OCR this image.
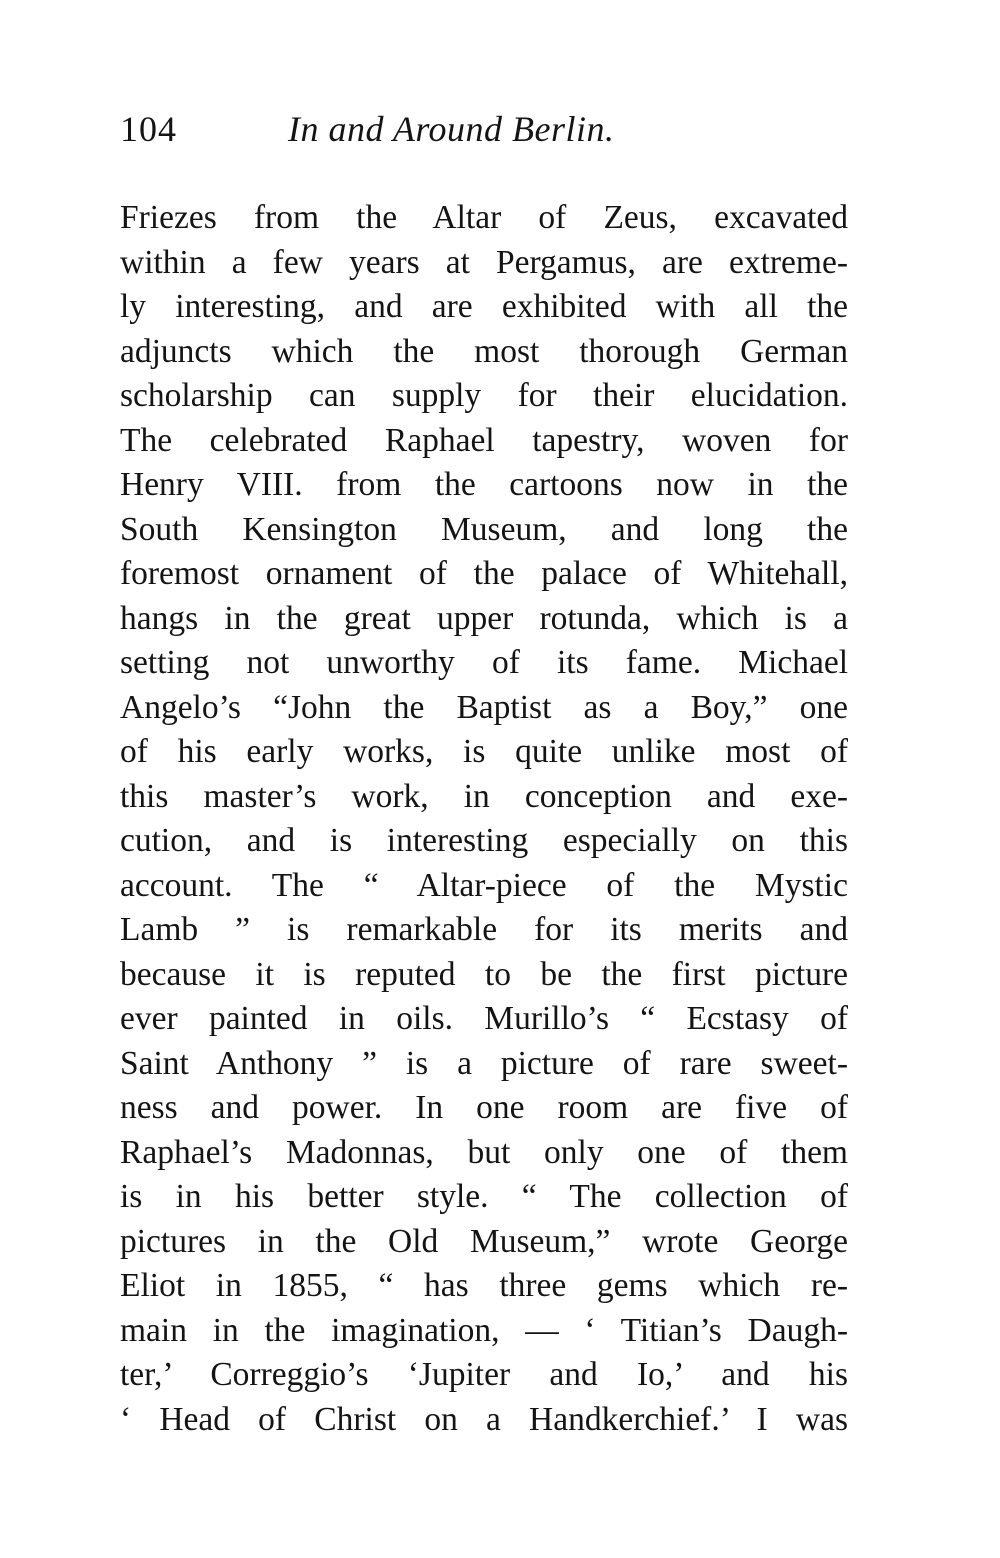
104	In and Around Berlin.
Friezes from the Altar of Zeus, excavated
within a few years at Pergamus, are extreme-
ly interesting, and are exhibited with all the
adjuncts which the most thorough German
scholarship can supply for their elucidation.
The celebrated Raphael tapestry, woven for
Henry VIII. from the cartoons now in the
South Kensington Museum, and long the
foremost ornament of the palace of Whitehall,
hangs in the great upper rotunda, which is a
setting not unworthy of its fame. Michael
Angelo’s “John the Baptist as a Boy,” one
of his early works, is quite unlike most of
this master’s work, in conception and exe-
cution, and is interesting especially on this
account. The “ Altar-piece of the Mystic
Lamb ” is remarkable for its merits and
because it is reputed to be the first picture
ever painted in oils. Murillo’s “ Ecstasy of
Saint Anthony ” is a picture of rare sweet-
ness and power. In one room are five of
Raphael’s Madonnas, but only one of them
is in his better style. “ The collection of
pictures in the Old Museum,” wrote George
Eliot in 1855, “ has three gems which re-
main in the imagination, — ‘ Titian’s Daugh-
ter,’ Correggio’s ‘Jupiter and Io,’ and his
‘ Head of Christ on a Handkerchief.’ I was
